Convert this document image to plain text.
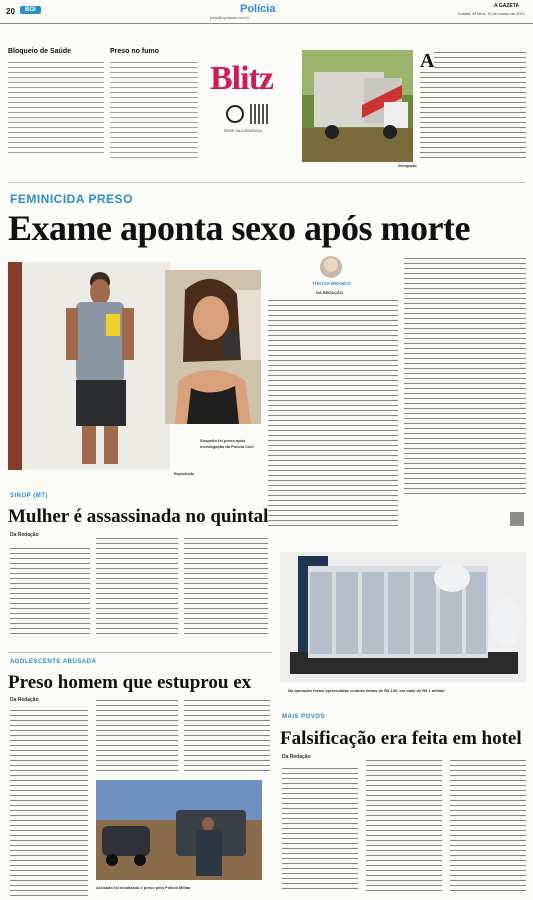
20	BOI	Polícia
jornal@opiniaomt.com.br
A GAZETA
Cuiabá, 6ª feira, 19 de março de 2021
Bloqueio de Saúde	Preso no fumo
Blitz
ENVIE SUA DENÚNCIA
Divulgação
A
FEMINICIDA PRESO
Exame aponta sexo após morte
Suspeito foi preso após investigação da Polícia Civil
Reprodução
THAYSA BRANCO
DA REDAÇÃO
SINOP (MT)
Mulher é assassinada no quintal
Da Redação
ADOLESCENTE ABUSADA
Preso homem que estuprou ex
Da Redação
Acusado foi localizado e preso pela Polícia Militar
Na operação foram apreendidas cédulas falsas de R$ 100, em mais de R$ 1 milhão
MAIS POVOS
Falsificação era feita em hotel
Da Redação
